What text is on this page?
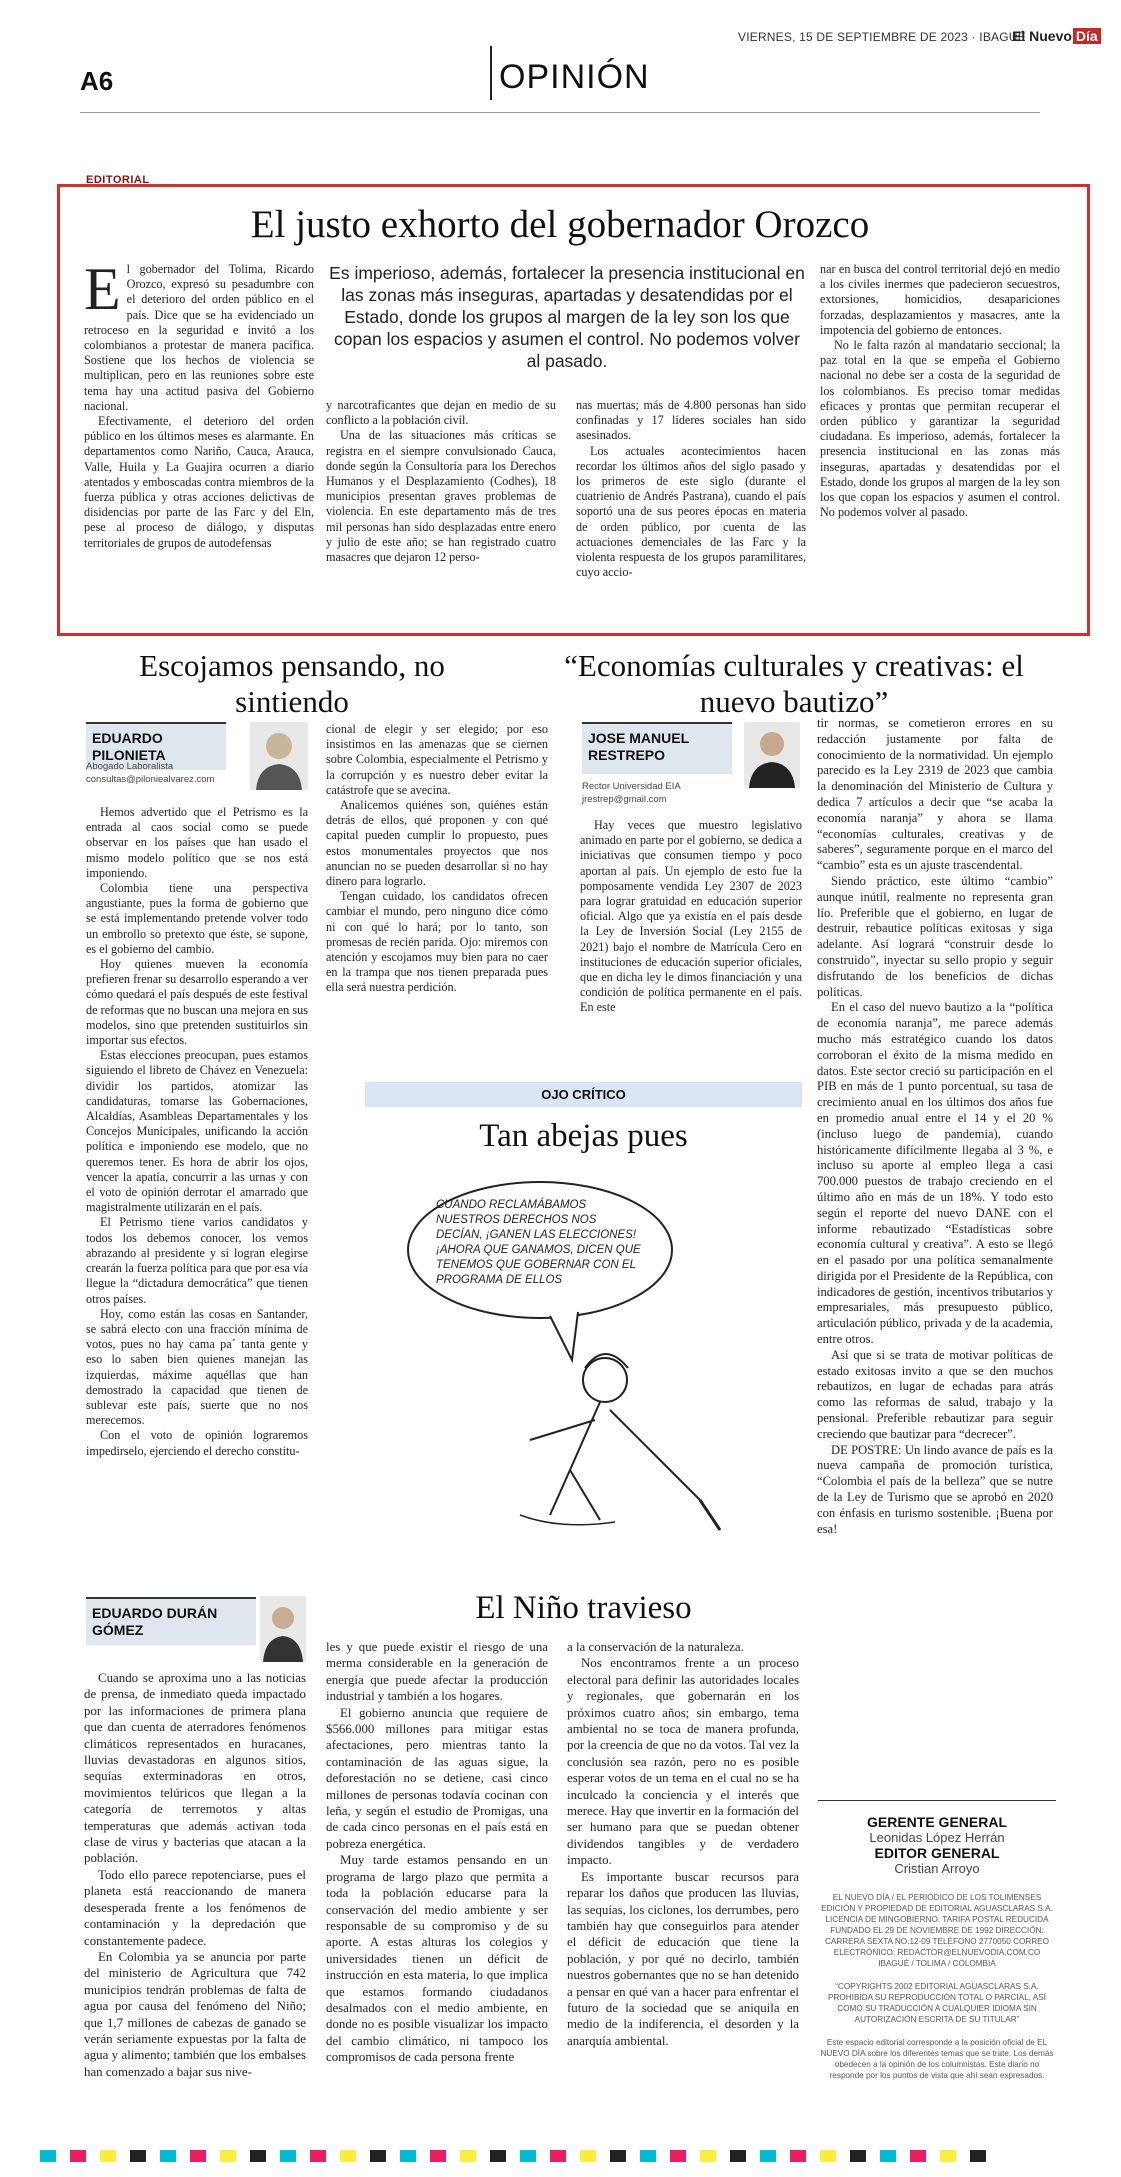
VIERNES, 15 DE SEPTIEMBRE DE 2023 · IBAGUÉ
El Nuevo Día
A6	OPINIÓN
EDITORIAL
El justo exhorto del gobernador Orozco

El gobernador del Tolima, Ricardo Orozco, expresó su pesadumbre con el deterioro del orden público en el país. Dice que se ha evidenciado un retroceso en la seguridad e invitó a los colombianos a protestar de manera pacífica. Sostiene que los hechos de violencia se multiplican, pero en las reuniones sobre este tema hay una actitud pasiva del Gobierno nacional.

Efectivamente, el deterioro del orden público en los últimos meses es alarmante. En departamentos como Nariño, Cauca, Arauca, Valle, Huila y La Guajira ocurren a diario atentados y emboscadas contra miembros de la fuerza pública y otras acciones delictivas de disidencias por parte de las Farc y del Eln, pese al proceso de diálogo, y disputas territoriales de grupos de autodefensas

Es imperioso, además, fortalecer la presencia institucional en las zonas más inseguras, apartadas y desatendidas por el Estado, donde los grupos al margen de la ley son los que copan los espacios y asumen el control. No podemos volver al pasado.

y narcotraficantes que dejan en medio de su conflicto a la población civil.

Una de las situaciones más críticas se registra en el siempre convulsionado Cauca, donde según la Consultoría para los Derechos Humanos y el Desplazamiento (Codhes), 18 municipios presentan graves problemas de violencia. En este departamento más de tres mil personas han sido desplazadas entre enero y julio de este año; se han registrado cuatro masacres que dejaron 12 perso-

nas muertas; más de 4.800 personas han sido confinadas y 17 líderes sociales han sido asesinados.

Los actuales acontecimientos hacen recordar los últimos años del siglo pasado y los primeros de este siglo (durante el cuatrienio de Andrés Pastrana), cuando el país soportó una de sus peores épocas en materia de orden público, por cuenta de las actuaciones demenciales de las Farc y la violenta respuesta de los grupos paramilitares, cuyo accio-

nar en busca del control territorial dejó en medio a los civiles inermes que padecieron secuestros, extorsiones, homicidios, desapariciones forzadas, desplazamientos y masacres, ante la impotencia del gobierno de entonces.

No le falta razón al mandatario seccional; la paz total en la que se empeña el Gobierno nacional no debe ser a costa de la seguridad de los colombianos. Es preciso tomar medidas eficaces y prontas que permitan recuperar el orden público y garantizar la seguridad ciudadana. Es imperioso, además, fortalecer la presencia institucional en las zonas más inseguras, apartadas y desatendidas por el Estado, donde los grupos al margen de la ley son los que copan los espacios y asumen el control. No podemos volver al pasado.

Escojamos pensando, no sintiendo
EDUARDO PILONIETA
Abogado Laboralista
consultas@piloniealvarez.com

Hemos advertido que el Petrismo es la entrada al caos social como se puede observar en los países que han usado el mismo modelo político que se nos está imponiendo.

Colombia tiene una perspectiva angustiante, pues la forma de gobierno que se está implementando pretende volver todo un embrollo so pretexto que éste, se supone, es el gobierno del cambio.

Hoy quienes mueven la economía prefieren frenar su desarrollo esperando a ver cómo quedará el país después de este festival de reformas que no buscan una mejora en sus modelos, sino que pretenden sustituirlos sin importar sus efectos.

Estas elecciones preocupan, pues estamos siguiendo el libreto de Chávez en Venezuela: dividir los partidos, atomizar las candidaturas, tomarse las Gobernaciones, Alcaldías, Asambleas Departamentales y los Concejos Municipales, unificando la acción política e imponiendo ese modelo, que no queremos tener. Es hora de abrir los ojos, vencer la apatía, concurrir a las urnas y con el voto de opinión derrotar el amarrado que magistralmente utilizarán en el país.

El Petrismo tiene varios candidatos y todos los debemos conocer, los vemos abrazando al presidente y si logran elegirse crearán la fuerza política para que por esa vía llegue la “dictadura democrática” que tienen otros países.

Hoy, como están las cosas en Santander, se sabrá electo con una fracción mínima de votos, pues no hay cama pa´ tanta gente y eso lo saben bien quienes manejan las izquierdas, máxime aquéllas que han demostrado la capacidad que tienen de sublevar este país, suerte que no nos merecemos.

Con el voto de opinión lograremos impedirselo, ejerciendo el derecho constitu-

cional de elegir y ser elegido; por eso insistimos en las amenazas que se ciernen sobre Colombia, especialmente el Petrismo y la corrupción y es nuestro deber evitar la catástrofe que se avecina.

Analicemos quiénes son, quiénes están detrás de ellos, qué proponen y con qué capital pueden cumplir lo propuesto, pues estos monumentales proyectos que nos anuncian no se pueden desarrollar si no hay dinero para lograrlo.

Tengan cuidado, los candidatos ofrecen cambiar el mundo, pero ninguno dice cómo ni con qué lo hará; por lo tanto, son promesas de recién parida. Ojo: miremos con atención y escojamos muy bien para no caer en la trampa que nos tienen preparada pues ella será nuestra perdición.

“Economías culturales y creativas: el nuevo bautizo”
JOSE MANUEL
RESTREPO
Rector Universidad EIA
jrestrep@gmail.com

Hay veces que muestro legislativo animado en parte por el gobierno, se dedica a iniciativas que consumen tiempo y poco aportan al país. Un ejemplo de esto fue la pomposamente vendida Ley 2307 de 2023 para lograr gratuidad en educación superior oficial. Algo que ya existía en el país desde la Ley de Inversión Social (Ley 2155 de 2021) bajo el nombre de Matrícula Cero en instituciones de educación superior oficiales, que en dicha ley le dimos financiación y una condición de política permanente en el país. En este

tir normas, se cometieron errores en su redacción justamente por falta de conocimiento de la normatividad. Un ejemplo parecido es la Ley 2319 de 2023 que cambia la denominación del Ministerio de Cultura y dedica 7 artículos a decir que “se acaba la economía naranja” y ahora se llama “economías culturales, creativas y de saberes”, seguramente porque en el marco del “cambio” esta es un ajuste trascendental.

Siendo práctico, este último “cambio” aunque inútil, realmente no representa gran lío. Preferible que el gobierno, en lugar de destruir, rebautice políticas exitosas y siga adelante. Así logrará “construir desde lo construido”, inyectar su sello propio y seguir disfrutando de los beneficios de dichas políticas.

En el caso del nuevo bautizo a la “política de economía naranja”, me parece además mucho más estratégico cuando los datos corroboran el éxito de la misma medido en datos. Este sector creció su participación en el PIB en más de 1 punto porcentual, su tasa de crecimiento anual en los últimos dos años fue en promedio anual entre el 14 y el 20 % (incluso luego de pandemia), cuando históricamente difícilmente llegaba al 3 %, e incluso su aporte al empleo llega a casi 700.000 puestos de trabajo creciendo en el último año en más de un 18%. Y todo esto según el reporte del nuevo DANE con el informe rebautizado “Estadísticas sobre economía cultural y creativa”. A esto se llegó en el pasado por una política semanalmente dirigida por el Presidente de la República, con indicadores de gestión, incentivos tributarios y empresariales, más presupuesto público, articulación público, privada y de la academia, entre otros.

Así que si se trata de motivar políticas de estado exitosas invito a que se den muchos rebautizos, en lugar de echadas para atrás como las reformas de salud, trabajo y la pensional. Preferible rebautizar para seguir creciendo que bautizar para “decrecer”.

DE POSTRE: Un lindo avance de país es la nueva campaña de promoción turística, “Colombia el país de la belleza” que se nutre de la Ley de Turismo que se aprobó en 2020 con énfasis en turismo sostenible. ¡Buena por esa!

OJO CRÍTICO
Tan abejas pues
CUANDO RECLAMÁBAMOS NUESTROS DERECHOS NOS DECÍAN, ¡GANEN LAS ELECCIONES! ¡AHORA QUE GANAMOS, DICEN QUE TENEMOS QUE GOBERNAR CON EL PROGRAMA DE ELLOS
EDUARDO DURÁN GÓMEZ
El Niño travieso

Cuando se aproxima uno a las noticias de prensa, de inmediato queda impactado por las informaciones de primera plana que dan cuenta de aterradores fenómenos climáticos representados en huracanes, lluvias devastadoras en algunos sitios, sequías exterminadoras en otros, movimientos telúricos que llegan a la categoría de terremotos y altas temperaturas que además activan toda clase de virus y bacterias que atacan a la población.

Todo ello parece repotenciarse, pues el planeta está reaccionando de manera desesperada frente a los fenómenos de contaminación y la depredación que constantemente padece.

En Colombia ya se anuncia por parte del ministerio de Agricultura que 742 municipios tendrán problemas de falta de agua por causa del fenómeno del Niño; que 1,7 millones de cabezas de ganado se verán seriamente expuestas por la falta de agua y alimento; también que los embalses han comenzado a bajar sus nive-

les y que puede existir el riesgo de una merma considerable en la generación de energía que puede afectar la producción industrial y también a los hogares.

El gobierno anuncia que requiere de $566.000 millones para mitigar estas afectaciones, pero mientras tanto la contaminación de las aguas sigue, la deforestación no se detiene, casi cinco millones de personas todavía cocinan con leña, y según el estudio de Promigas, una de cada cinco personas en el país está en pobreza energética.

Muy tarde estamos pensando en un programa de largo plazo que permita a toda la población educarse para la conservación del medio ambiente y ser responsable de su compromiso y de su aporte. A estas alturas los colegios y universidades tienen un déficit de instrucción en esta materia, lo que implica que estamos formando ciudadanos desalmados con el medio ambiente, en donde no es posible visualizar los impacto del cambio climático, ni tampoco los compromisos de cada persona frente

a la conservación de la naturaleza.

Nos encontramos frente a un proceso electoral para definir las autoridades locales y regionales, que gobernarán en los próximos cuatro años; sin embargo, tema ambiental no se toca de manera profunda, por la creencia de que no da votos. Tal vez la conclusión sea razón, pero no es posible esperar votos de un tema en el cual no se ha inculcado la conciencia y el interés que merece. Hay que invertir en la formación del ser humano para que se puedan obtener dividendos tangibles y de verdadero impacto.

Es importante buscar recursos para reparar los daños que producen las lluvias, las sequías, los ciclones, los derrumbes, pero también hay que conseguirlos para atender el déficit de educación que tiene la población, y por qué no decirlo, también nuestros gobernantes que no se han detenido a pensar en qué van a hacer para enfrentar el futuro de la sociedad que se aniquila en medio de la indiferencia, el desorden y la anarquía ambiental.

GERENTE GENERAL
Leonidas López Herrán
EDITOR GENERAL
Cristian Arroyo
EL NUEVO DÍA / EL PERIÓDICO DE LOS TOLIMENSES EDICIÓN Y PROPIEDAD DE EDITORIAL AGUASCLARAS S.A. LICENCIA DE MINGOBIERNO. TARIFA POSTAL REDUCIDA FUNDADO EL 29 DE NOVIEMBRE DE 1992 DIRECCIÓN: CARRERA SEXTA NO.12-09 TELÉFONO 2770050 CORREO ELECTRÓNICO: REDACTOR@ELNUEVODIA.COM.CO IBAGUÉ / TOLIMA / COLOMBIA
“COPYRIGHTS 2002 EDITORIAL AGUASCLARAS S.A. PROHIBIDA SU REPRODUCCIÓN TOTAL O PARCIAL, ASÍ COMO SU TRADUCCIÓN A CUALQUIER IDIOMA SIN AUTORIZACIÓN ESCRITA DE SU TITULAR”
Este espacio editorial corresponde a la posición oficial de EL NUEVO DÍA sobre los diferentes temas que se trate. Los demás obedecen a la opinión de los columnistas. Este diario no responde por los puntos de vista que ahí sean expresados.
